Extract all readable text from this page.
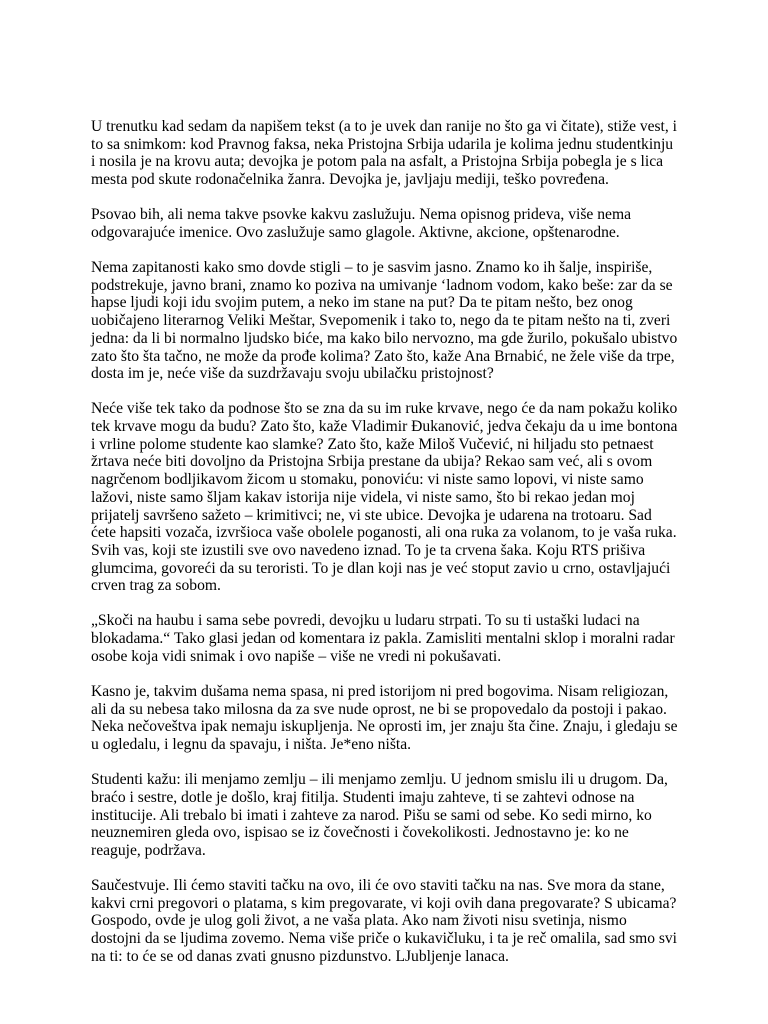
U trenutku kad sedam da napišem tekst (a to je uvek dan ranije no što ga vi čitate), stiže vest, i
to sa snimkom: kod Pravnog faksa, neka Pristojna Srbija udarila je kolima jednu studentkinju
i nosila je na krovu auta; devojka je potom pala na asfalt, a Pristojna Srbija pobegla je s lica
mesta pod skute rodonačelnika žanra. Devojka je, javljaju mediji, teško povređena.
Psovao bih, ali nema takve psovke kakvu zaslužuju. Nema opisnog prideva, više nema
odgovarajuće imenice. Ovo zaslužuje samo glagole. Aktivne, akcione, opštenarodne.
Nema zapitanosti kako smo dovde stigli – to je sasvim jasno. Znamo ko ih šalje, inspiriše,
podstrekuje, javno brani, znamo ko poziva na umivanje ‘ladnom vodom, kako beše: zar da se
hapse ljudi koji idu svojim putem, a neko im stane na put? Da te pitam nešto, bez onog
uobičajeno literarnog Veliki Meštar, Svepomenik i tako to, nego da te pitam nešto na ti, zveri
jedna: da li bi normalno ljudsko biće, ma kako bilo nervozno, ma gde žurilo, pokušalo ubistvo
zato što šta tačno, ne može da prođe kolima? Zato što, kaže Ana Brnabić, ne žele više da trpe,
dosta im je, neće više da suzdržavaju svoju ubilačku pristojnost?
Neće više tek tako da podnose što se zna da su im ruke krvave, nego će da nam pokažu koliko
tek krvave mogu da budu? Zato što, kaže Vladimir Đukanović, jedva čekaju da u ime bontona
i vrline polome studente kao slamke? Zato što, kaže Miloš Vučević, ni hiljadu sto petnaest
žrtava neće biti dovoljno da Pristojna Srbija prestane da ubija? Rekao sam već, ali s ovom
nagrčenom bodljikavom žicom u stomaku, ponoviću: vi niste samo lopovi, vi niste samo
lažovi, niste samo šljam kakav istorija nije videla, vi niste samo, što bi rekao jedan moj
prijatelj savršeno sažeto – krimitivci; ne, vi ste ubice. Devojka je udarena na trotoaru. Sad
ćete hapsiti vozača, izvršioca vaše obolele poganosti, ali ona ruka za volanom, to je vaša ruka.
Svih vas, koji ste izustili sve ovo navedeno iznad. To je ta crvena šaka. Koju RTS prišiva
glumcima, govoreći da su teroristi. To je dlan koji nas je već stoput zavio u crno, ostavljajući
crven trag za sobom.
„Skoči na haubu i sama sebe povredi, devojku u ludaru strpati. To su ti ustaški ludaci na
blokadama.“ Tako glasi jedan od komentara iz pakla. Zamisliti mentalni sklop i moralni radar
osobe koja vidi snimak i ovo napiše – više ne vredi ni pokušavati.
Kasno je, takvim dušama nema spasa, ni pred istorijom ni pred bogovima. Nisam religiozan,
ali da su nebesa tako milosna da za sve nude oprost, ne bi se propovedalo da postoji i pakao.
Neka nečoveštva ipak nemaju iskupljenja. Ne oprosti im, jer znaju šta čine. Znaju, i gledaju se
u ogledalu, i legnu da spavaju, i ništa. Je*eno ništa.
Studenti kažu: ili menjamo zemlju – ili menjamo zemlju. U jednom smislu ili u drugom. Da,
braćo i sestre, dotle je došlo, kraj fitilja. Studenti imaju zahteve, ti se zahtevi odnose na
institucije. Ali trebalo bi imati i zahteve za narod. Pišu se sami od sebe. Ko sedi mirno, ko
neuznemiren gleda ovo, ispisao se iz čovečnosti i čovekolikosti. Jednostavno je: ko ne
reaguje, podržava.
Saučestvuje. Ili ćemo staviti tačku na ovo, ili će ovo staviti tačku na nas. Sve mora da stane,
kakvi crni pregovori o platama, s kim pregovarate, vi koji ovih dana pregovarate? S ubicama?
Gospodo, ovde je ulog goli život, a ne vaša plata. Ako nam životi nisu svetinja, nismo
dostojni da se ljudima zovemo. Nema više priče o kukavičluku, i ta je reč omalila, sad smo svi
na ti: to će se od danas zvati gnusno pizdunstvo. LJubljenje lanaca.
